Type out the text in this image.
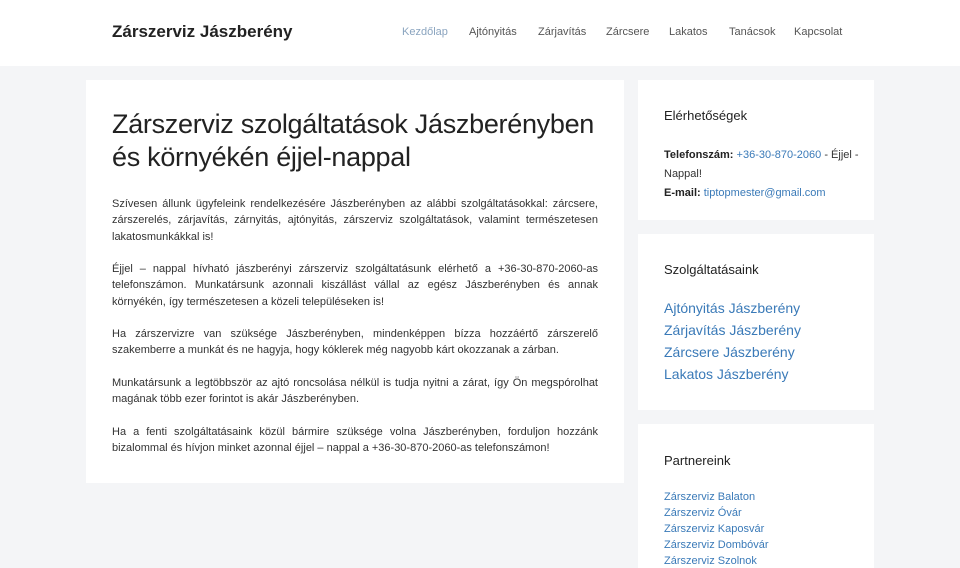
Zárszerviz Jászberény	Kezdőlap Ajtónyitás Zárjavítás Zárcsere Lakatos Tanácsok Kapcsolat
Zárszerviz szolgáltatások Jászberényben és környékén éjjel-nappal

Szívesen állunk ügyfeleink rendelkezésére Jászberényben az alábbi szolgáltatásokkal: zárcsere, zárszerelés, zárjavítás, zárnyitás, ajtónyitás, zárszerviz szolgáltatások, valamint természetesen lakatosmunkákkal is!

Éjjel – nappal hívható jászberényi zárszerviz szolgáltatásunk elérhető a +36-30-870-2060-as telefonszámon. Munkatársunk azonnali kiszállást vállal az egész Jászberényben és annak környékén, így természetesen a közeli településeken is!

Ha zárszervizre van szüksége Jászberényben, mindenképpen bízza hozzáértő zárszerelő szakemberre a munkát és ne hagyja, hogy kóklerek még nagyobb kárt okozzanak a zárban.

Munkatársunk a legtöbbször az ajtó roncsolása nélkül is tudja nyitni a zárat, így Ön megspórolhat magának több ezer forintot is akár Jászberényben.

Ha a fenti szolgáltatásaink közül bármire szüksége volna Jászberényben, forduljon hozzánk bizalommal és hívjon minket azonnal éjjel – nappal a +36-30-870-2060-as telefonszámon!

Elérhetőségek
Telefonszám: +36-30-870-2060 - Éjjel - Nappal!
E-mail: tiptopmester@gmail.com
Szolgáltatásaink
Ajtónyitás Jászberény
Zárjavítás Jászberény
Zárcsere Jászberény
Lakatos Jászberény
Partnereink
Zárszerviz Balaton
Zárszerviz Óvár
Zárszerviz Kaposvár
Zárszerviz Dombóvár
Zárszerviz Szolnok
